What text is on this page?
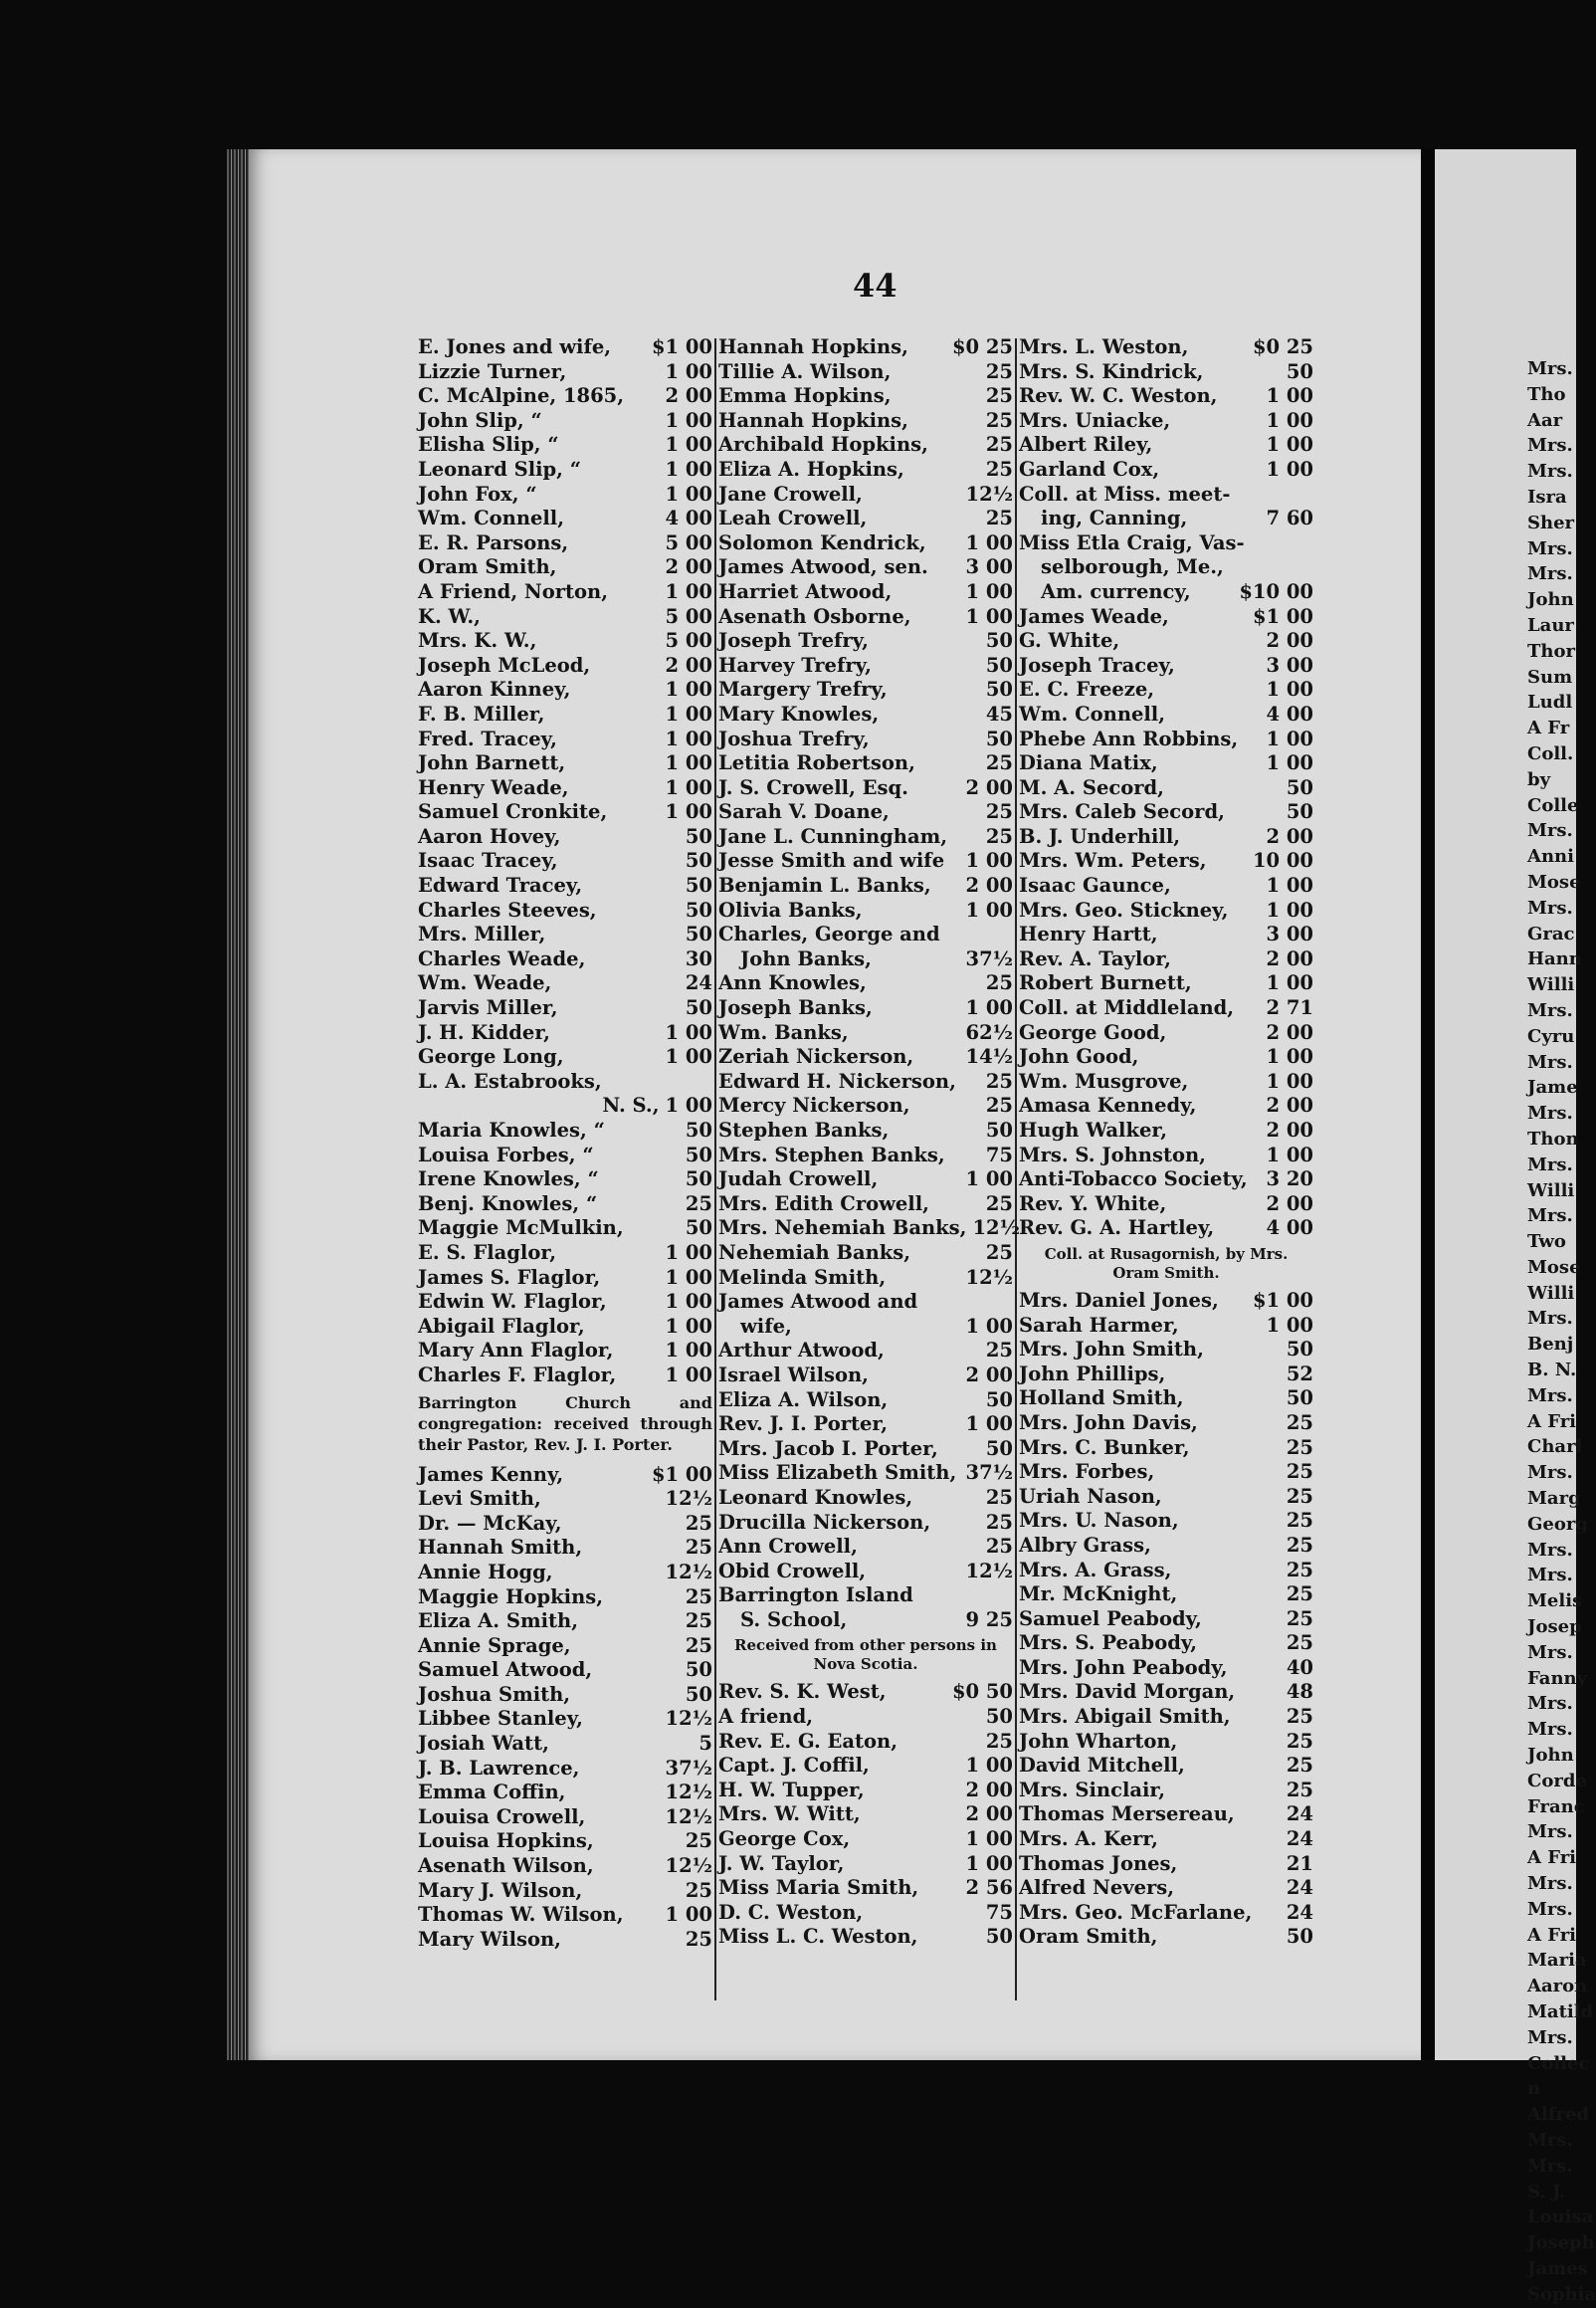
Mrs.
Tho
Aar
Mrs.
Mrs.
Isra
Sher
Mrs.
Mrs.
John
Laur
Thor
Sum
Ludl
A Fr
Coll.
by
Colle
Mrs.
Anni
Mose
Mrs.
Grac
Hann
Willi
Mrs.
Cyru
Mrs.
Jame
Mrs.
Thon
Mrs.
Willi
Mrs.
Two
Mose
Willi
Mrs.
Benj
B. N.
Mrs.
A Fri
Charl
Mrs.
Marg
Georg
Mrs.
Mrs.
Melis
Josep
Mrs.
Fanny
Mrs.
Mrs.
John
Corde
Franc
Mrs.
A Fri
Mrs.
Mrs.
A Fri
Maria
Aaron
Matild
Mrs.
Collec
n
Alfred
Mrs.
Mrs.
S. J.
Louisa
Joseph
James
Sophia
44
E. Jones and wife,	$1 00
Lizzie Turner,	1 00
C. McAlpine, 1865,	2 00
John Slip, “	1 00
Elisha Slip, “	1 00
Leonard Slip, “	1 00
John Fox, “	1 00
Wm. Connell,	4 00
E. R. Parsons,	5 00
Oram Smith,	2 00
A Friend, Norton,	1 00
K. W.,	5 00
Mrs. K. W.,	5 00
Joseph McLeod,	2 00
Aaron Kinney,	1 00
F. B. Miller,	1 00
Fred. Tracey,	1 00
John Barnett,	1 00
Henry Weade,	1 00
Samuel Cronkite,	1 00
Aaron Hovey,	50
Isaac Tracey,	50
Edward Tracey,	50
Charles Steeves,	50
Mrs. Miller,	50
Charles Weade,	30
Wm. Weade,	24
Jarvis Miller,	50
J. H. Kidder,	1 00
George Long,	1 00
L. A. Estabrooks,
N. S., 1 00
Maria Knowles, “	50
Louisa Forbes, “	50
Irene Knowles, “	50
Benj. Knowles, “	25
Maggie McMulkin,	50
E. S. Flaglor,	1 00
James S. Flaglor,	1 00
Edwin W. Flaglor,	1 00
Abigail Flaglor,	1 00
Mary Ann Flaglor,	1 00
Charles F. Flaglor,	1 00
Barrington Church and congregation: received through their Pastor, Rev. J. I. Porter.
James Kenny,	$1 00
Levi Smith,	12½
Dr. — McKay,	25
Hannah Smith,	25
Annie Hogg,	12½
Maggie Hopkins,	25
Eliza A. Smith,	25
Annie Sprage,	25
Samuel Atwood,	50
Joshua Smith,	50
Libbee Stanley,	12½
Josiah Watt,	5
J. B. Lawrence,	37½
Emma Coffin,	12½
Louisa Crowell,	12½
Louisa Hopkins,	25
Asenath Wilson,	12½
Mary J. Wilson,	25
Thomas W. Wilson,	1 00
Mary Wilson,	25
Hannah Hopkins,	$0 25
Tillie A. Wilson,	25
Emma Hopkins,	25
Hannah Hopkins,	25
Archibald Hopkins,	25
Eliza A. Hopkins,	25
Jane Crowell,	12½
Leah Crowell,	25
Solomon Kendrick,	1 00
James Atwood, sen.	3 00
Harriet Atwood,	1 00
Asenath Osborne,	1 00
Joseph Trefry,	50
Harvey Trefry,	50
Margery Trefry,	50
Mary Knowles,	45
Joshua Trefry,	50
Letitia Robertson,	25
J. S. Crowell, Esq.	2 00
Sarah V. Doane,	25
Jane L. Cunningham,	25
Jesse Smith and wife	1 00
Benjamin L. Banks,	2 00
Olivia Banks,	1 00
Charles, George and
John Banks,	37½
Ann Knowles,	25
Joseph Banks,	1 00
Wm. Banks,	62½
Zeriah Nickerson,	14½
Edward H. Nickerson,	25
Mercy Nickerson,	25
Stephen Banks,	50
Mrs. Stephen Banks,	75
Judah Crowell,	1 00
Mrs. Edith Crowell,	25
Mrs. Nehemiah Banks, 12½
Nehemiah Banks,	25
Melinda Smith,	12½
James Atwood and
wife,	1 00
Arthur Atwood,	25
Israel Wilson,	2 00
Eliza A. Wilson,	50
Rev. J. I. Porter,	1 00
Mrs. Jacob I. Porter,	50
Miss Elizabeth Smith, 37½
Leonard Knowles,	25
Drucilla Nickerson,	25
Ann Crowell,	25
Obid Crowell,	12½
Barrington Island
S. School,	9 25
Received from other persons in Nova Scotia.
Rev. S. K. West,	$0 50
A friend,	50
Rev. E. G. Eaton,	25
Capt. J. Coffil,	1 00
H. W. Tupper,	2 00
Mrs. W. Witt,	2 00
George Cox,	1 00
J. W. Taylor,	1 00
Miss Maria Smith,	2 56
D. C. Weston,	75
Miss L. C. Weston,	50
Mrs. L. Weston,	$0 25
Mrs. S. Kindrick,	50
Rev. W. C. Weston,	1 00
Mrs. Uniacke,	1 00
Albert Riley,	1 00
Garland Cox,	1 00
Coll. at Miss. meet-
ing, Canning,	7 60
Miss Etla Craig, Vas-
selborough, Me.,
Am. currency,	$10 00
James Weade,	$1 00
G. White,	2 00
Joseph Tracey,	3 00
E. C. Freeze,	1 00
Wm. Connell,	4 00
Phebe Ann Robbins,	1 00
Diana Matix,	1 00
M. A. Secord,	50
Mrs. Caleb Secord,	50
B. J. Underhill,	2 00
Mrs. Wm. Peters,	10 00
Isaac Gaunce,	1 00
Mrs. Geo. Stickney,	1 00
Henry Hartt,	3 00
Rev. A. Taylor,	2 00
Robert Burnett,	1 00
Coll. at Middleland,	2 71
George Good,	2 00
John Good,	1 00
Wm. Musgrove,	1 00
Amasa Kennedy,	2 00
Hugh Walker,	2 00
Mrs. S. Johnston,	1 00
Anti-Tobacco Society, 3 20
Rev. Y. White,	2 00
Rev. G. A. Hartley,	4 00
Coll. at Rusagornish, by Mrs. Oram Smith.
Mrs. Daniel Jones,	$1 00
Sarah Harmer,	1 00
Mrs. John Smith,	50
John Phillips,	52
Holland Smith,	50
Mrs. John Davis,	25
Mrs. C. Bunker,	25
Mrs. Forbes,	25
Uriah Nason,	25
Mrs. U. Nason,	25
Albry Grass,	25
Mrs. A. Grass,	25
Mr. McKnight,	25
Samuel Peabody,	25
Mrs. S. Peabody,	25
Mrs. John Peabody,	40
Mrs. David Morgan,	48
Mrs. Abigail Smith,	25
John Wharton,	25
David Mitchell,	25
Mrs. Sinclair,	25
Thomas Mersereau,	24
Mrs. A. Kerr,	24
Thomas Jones,	21
Alfred Nevers,	24
Mrs. Geo. McFarlane,	24
Oram Smith,	50
